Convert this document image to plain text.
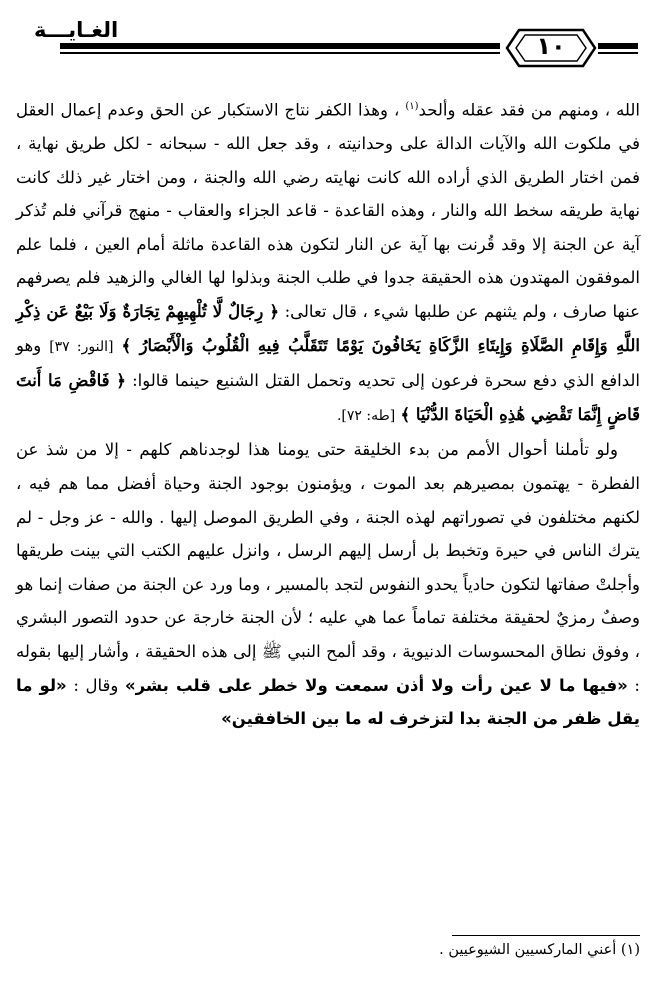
١٠
الغـايـــة

الله ، ومنهم من فقد عقله وألحد$^{(١)}$ ، وهذا الكفر نتاج الاستكبار عن الحق وعدم إعمال العقل في ملكوت الله والآيات الدالة على وحدانيته ، وقد جعل الله - سبحانه - لكل طريق نهاية ، فمن اختار الطريق الذي أراده الله كانت نهايته رضي الله والجنة ، ومن اختار غير ذلك كانت نهاية طريقه سخط الله والنار ، وهذه القاعدة - قاعد الجزاء والعقاب - منهج قرآني فلم تُذكر آية عن الجنة إلا وقد قُرنت بها آية عن النار لتكون هذه القاعدة ماثلة أمام العين ، فلما علم الموفقون المهتدون هذه الحقيقة جدوا في طلب الجنة وبذلوا لها الغالي والزهيد فلم يصرفهم عنها صارف ، ولم يثنهم عن طلبها شيء ، قال تعالى: ﴿ رِجَالٌ لَّا تُلْهِيهِمْ تِجَارَةٌ وَلَا بَيْعٌ عَن ذِكْرِ اللَّهِ وَإِقَامِ الصَّلَاةِ وَإِيتَاءِ الزَّكَاةِ يَخَافُونَ يَوْمًا تَتَقَلَّبُ فِيهِ الْقُلُوبُ وَالْأَبْصَارُ ﴾ [النور: ٣٧] وهو الدافع الذي دفع سحرة فرعون إلى تحديه وتحمل القتل الشنيع حينما قالوا: ﴿ فَاقْضِ مَا أَنتَ قَاضٍ إِنَّمَا تَقْضِي هَٰذِهِ الْحَيَاةَ الدُّنْيَا ﴾ [طه: ٧٢].

ولو تأملنا أحوال الأمم من بدء الخليقة حتى يومنا هذا لوجدناهم كلهم - إلا من شذ عن الفطرة - يهتمون بمصيرهم بعد الموت ، ويؤمنون بوجود الجنة وحياة أفضل مما هم فيه ، لكنهم مختلفون في تصوراتهم لهذه الجنة ، وفي الطريق الموصل إليها . والله - عز وجل - لم يترك الناس في حيرة وتخبط بل أرسل إليهم الرسل ، وانزل عليهم الكتب التي بينت طريقها وأجلتْ صفاتها لتكون حادياً يحدو النفوس لتجد بالمسير ، وما ورد عن الجنة من صفات إنما هو وصفٌ رمزيٌ لحقيقة مختلفة تماماً عما هي عليه ؛ لأن الجنة خارجة عن حدود التصور البشري ، وفوق نطاق المحسوسات الدنيوية ، وقد ألمح النبي ﷺ إلى هذه الحقيقة ، وأشار إليها بقوله : «فيها ما لا عين رأت ولا أذن سمعت ولا خطر على قلب بشر» وقال : «لو ما يقل ظفر من الجنة بدا لتزخرف له ما بين الخافقين»

(١) أعني الماركسيين الشيوعيين .
